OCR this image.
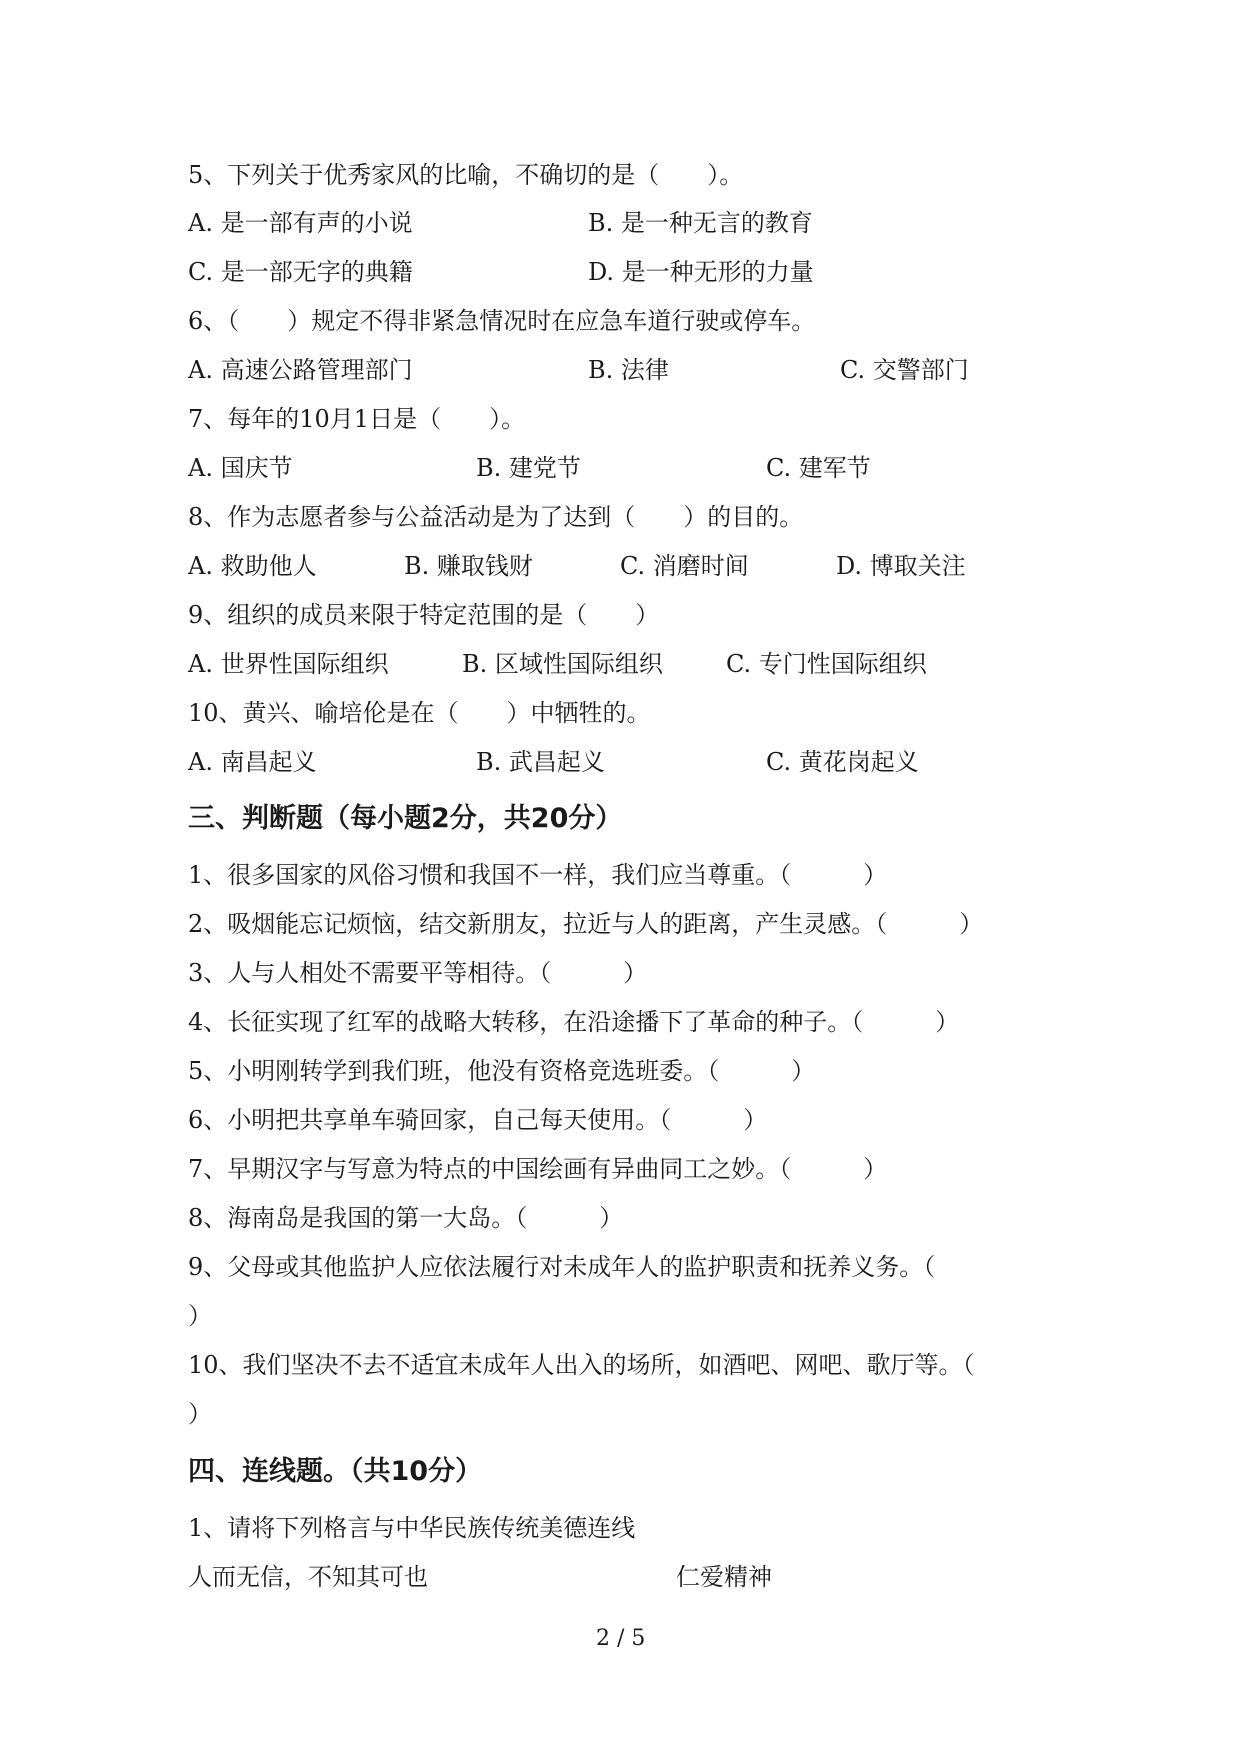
5、下列关于优秀家风的比喻，不确切的是（　　）。
A. 是一部有声的小说	B. 是一种无言的教育
C. 是一部无字的典籍	D. 是一种无形的力量
6、（　　）规定不得非紧急情况时在应急车道行驶或停车。
A. 高速公路管理部门	B. 法律	C. 交警部门
7、每年的10月1日是（　　）。
A. 国庆节	B. 建党节	C. 建军节
8、作为志愿者参与公益活动是为了达到（　　）的目的。
A. 救助他人	B. 赚取钱财	C. 消磨时间	D. 博取关注
9、组织的成员来限于特定范围的是（　　）
A. 世界性国际组织	B. 区域性国际组织	C. 专门性国际组织
10、黄兴、喻培伦是在（　　）中牺牲的。
A. 南昌起义	B. 武昌起义	C. 黄花岗起义
三、判断题（每小题2分，共20分）
1、很多国家的风俗习惯和我国不一样，我们应当尊重。（　　　）
2、吸烟能忘记烦恼，结交新朋友，拉近与人的距离，产生灵感。（　　　）
3、人与人相处不需要平等相待。（　　　）
4、长征实现了红军的战略大转移，在沿途播下了革命的种子。（　　　）
5、小明刚转学到我们班，他没有资格竞选班委。（　　　）
6、小明把共享单车骑回家，自己每天使用。（　　　）
7、早期汉字与写意为特点的中国绘画有异曲同工之妙。（　　　）
8、海南岛是我国的第一大岛。（　　　）
9、父母或其他监护人应依法履行对未成年人的监护职责和抚养义务。（
）
10、我们坚决不去不适宜未成年人出入的场所，如酒吧、网吧、歌厅等。（
）
四、连线题。（共10分）
1、请将下列格言与中华民族传统美德连线
人而无信，不知其可也	仁爱精神
2 / 5
